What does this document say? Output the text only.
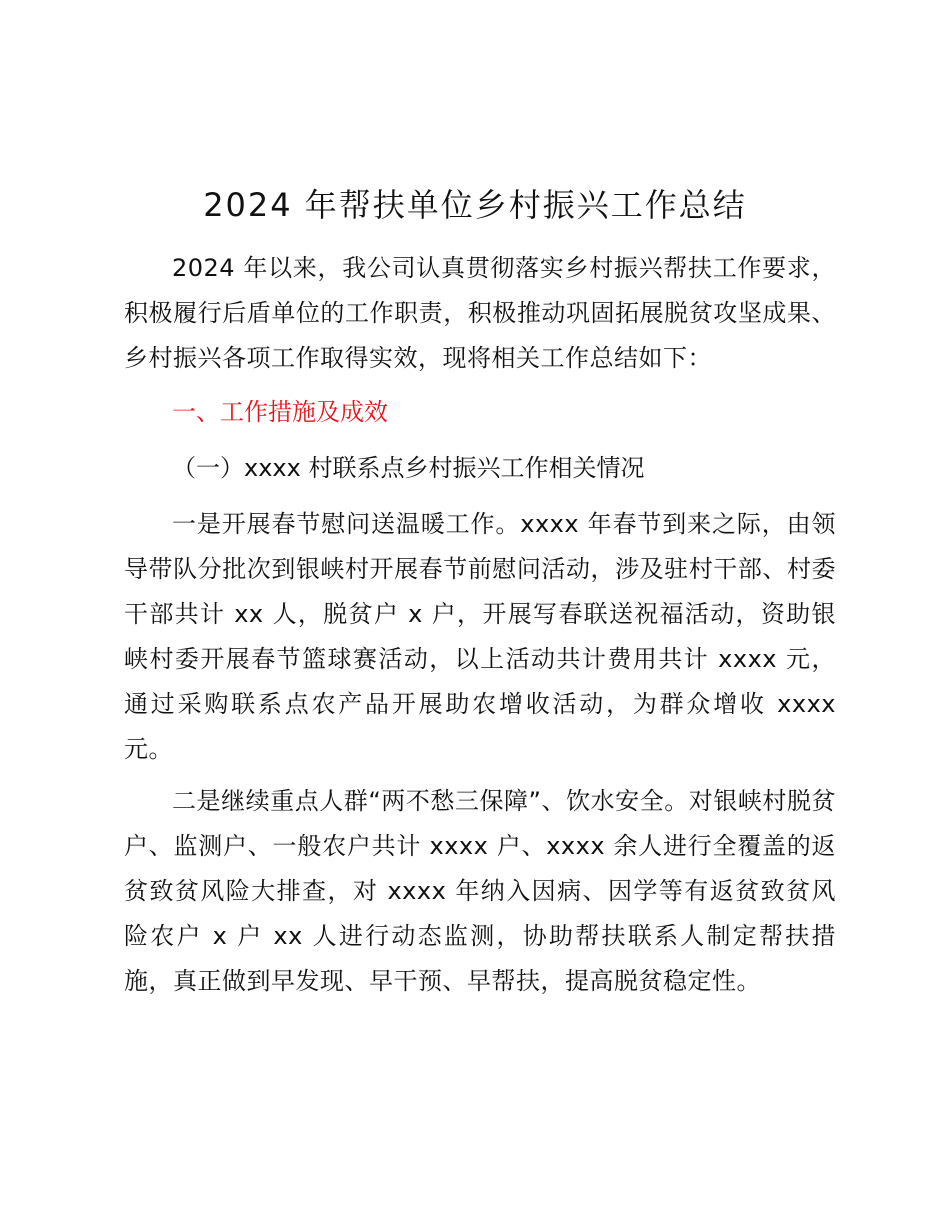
2024 年帮扶单位乡村振兴工作总结

2024 年以来，我公司认真贯彻落实乡村振兴帮扶工作要求，积极履行后盾单位的工作职责，积极推动巩固拓展脱贫攻坚成果、乡村振兴各项工作取得实效，现将相关工作总结如下：

一、工作措施及成效
（一）xxxx 村联系点乡村振兴工作相关情况

一是开展春节慰问送温暖工作。xxxx 年春节到来之际，由领导带队分批次到银峡村开展春节前慰问活动，涉及驻村干部、村委干部共计 xx 人，脱贫户 x 户，开展写春联送祝福活动，资助银峡村委开展春节篮球赛活动，以上活动共计费用共计 xxxx 元，通过采购联系点农产品开展助农增收活动，为群众增收 xxxx 元。

二是继续重点人群“两不愁三保障”、饮水安全。对银峡村脱贫户、监测户、一般农户共计 xxxx 户、xxxx 余人进行全覆盖的返贫致贫风险大排查，对 xxxx 年纳入因病、因学等有返贫致贫风险农户 x 户 xx 人进行动态监测，协助帮扶联系人制定帮扶措施，真正做到早发现、早干预、早帮扶，提高脱贫稳定性。
